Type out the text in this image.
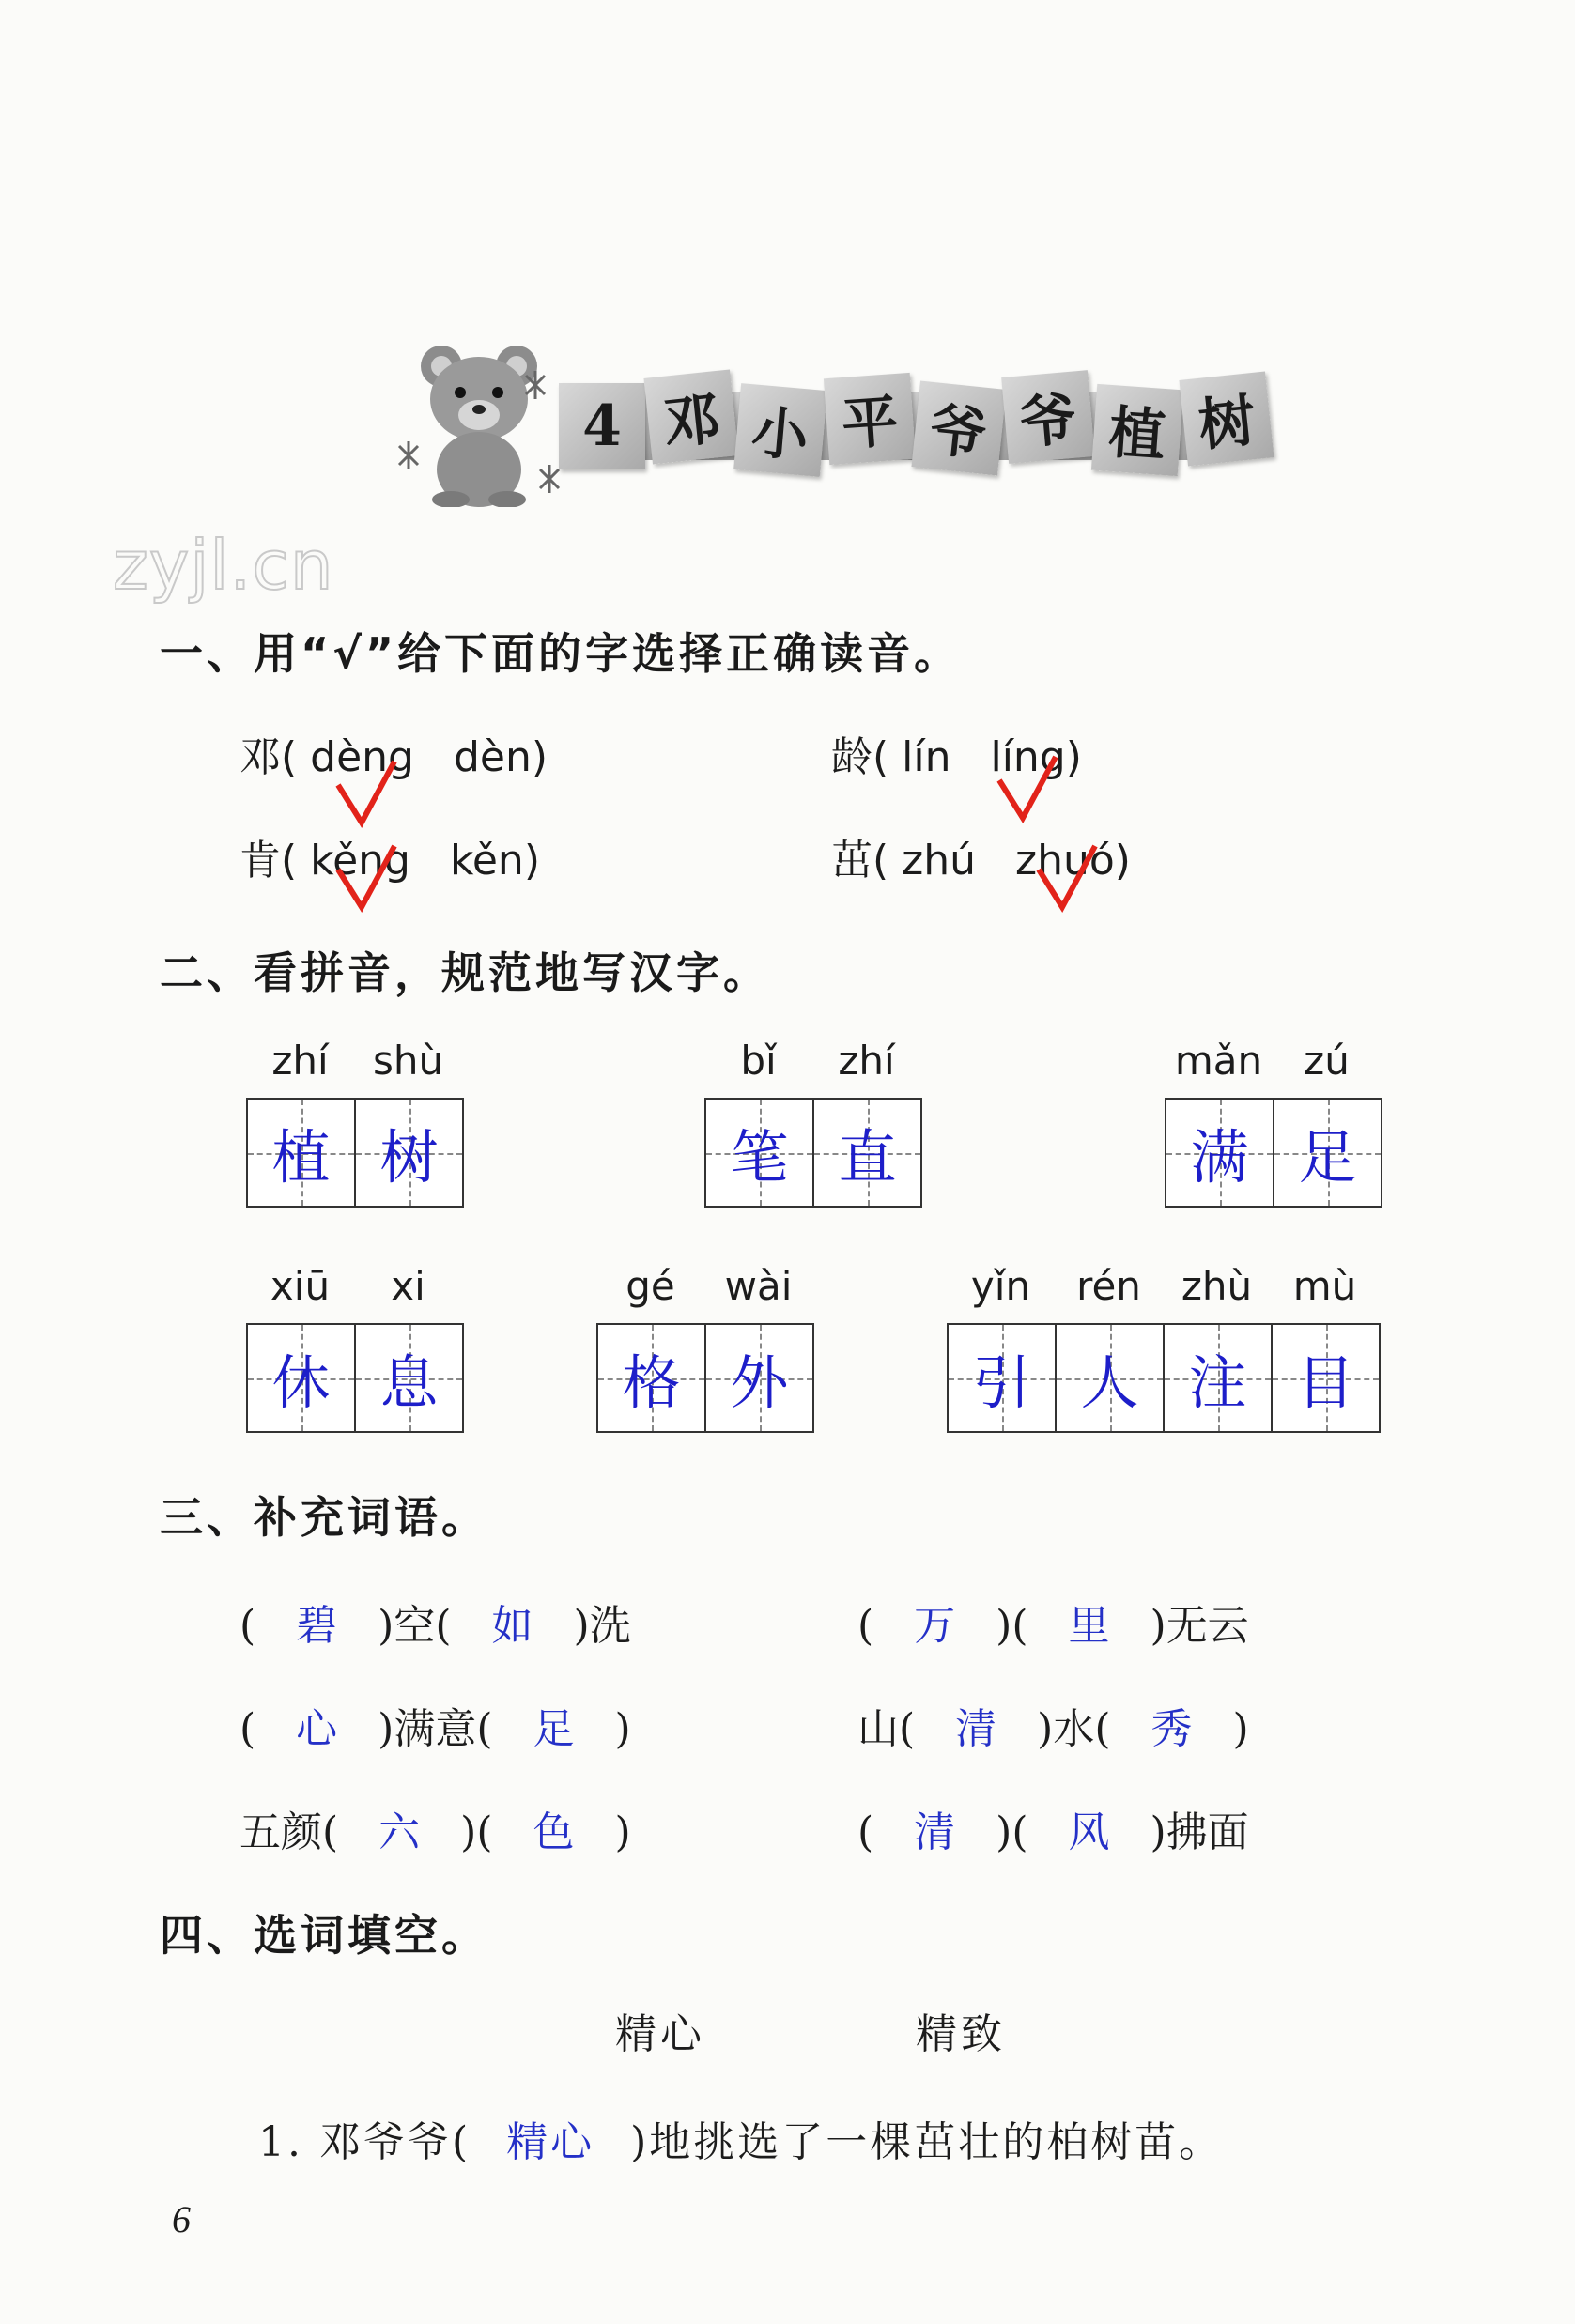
4 邓 小 平 爷 爷 植 树
zyjl.cn
一、用“√”给下面的字选择正确读音。
邓( dèng dèn)	龄( lín líng
)
肯( kěng kěn)	茁( zhú zhuó
)
二、看拼音，规范地写汉字。
zhí	shù
植 树
bǐ	zhí
笔 直
mǎn	zú
满 足
xiū	xi
休 息
gé	wài
格 外
yǐn	rén	zhù	mù
引 人 注 目
三、补充词语。
( 碧 )空( 如 )洗	( 万 )( 里 )无云
( 心 )满意( 足 )	山( 清 )水( 秀 )
五颜( 六 )( 色 )	( 清 )( 风 )拂面
四、选词填空。
精心	精致
1. 邓爷爷( 精心 )地挑选了一棵茁壮的柏树苗。
6
